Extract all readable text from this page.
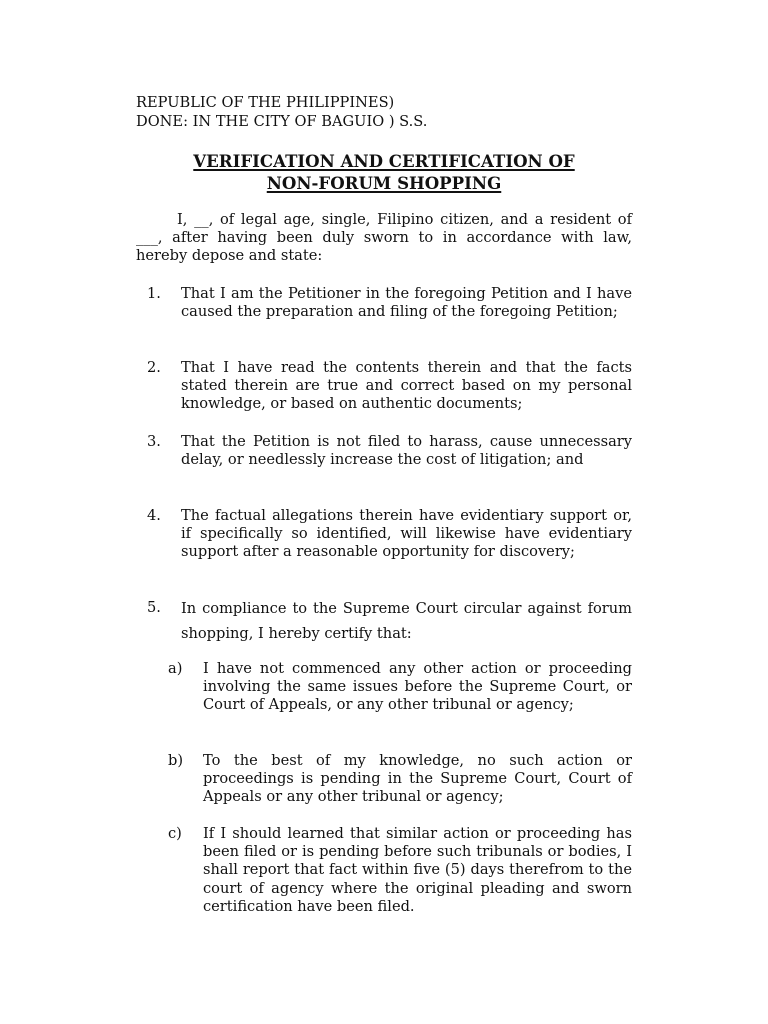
REPUBLIC OF THE PHILIPPINES)
DONE: IN THE CITY OF BAGUIO ) S.S.
VERIFICATION AND CERTIFICATION OF
NON-FORUM SHOPPING
I, __, of legal age, single, Filipino citizen, and a resident of ___, after having been duly sworn to in accordance with law, hereby depose and state:
1. That I am the Petitioner in the foregoing Petition and I have caused the preparation and filing of the foregoing Petition;
2. That I have read the contents therein and that the facts stated therein are true and correct based on my personal knowledge, or based on authentic documents;
3. That the Petition is not filed to harass, cause unnecessary delay, or needlessly increase the cost of litigation; and
4. The factual allegations therein have evidentiary support or, if specifically so identified, will likewise have evidentiary support after a reasonable opportunity for discovery;
5. In compliance to the Supreme Court circular against forum shopping, I hereby certify that:
a) I have not commenced any other action or proceeding involving the same issues before the Supreme Court, or Court of Appeals, or any other tribunal or agency;
b) To the best of my knowledge, no such action or proceedings is pending in the Supreme Court, Court of Appeals or any other tribunal or agency;
c) If I should learned that similar action or proceeding has been filed or is pending before such tribunals or bodies, I shall report that fact within five (5) days therefrom to the court of agency where the original pleading and sworn certification have been filed.
